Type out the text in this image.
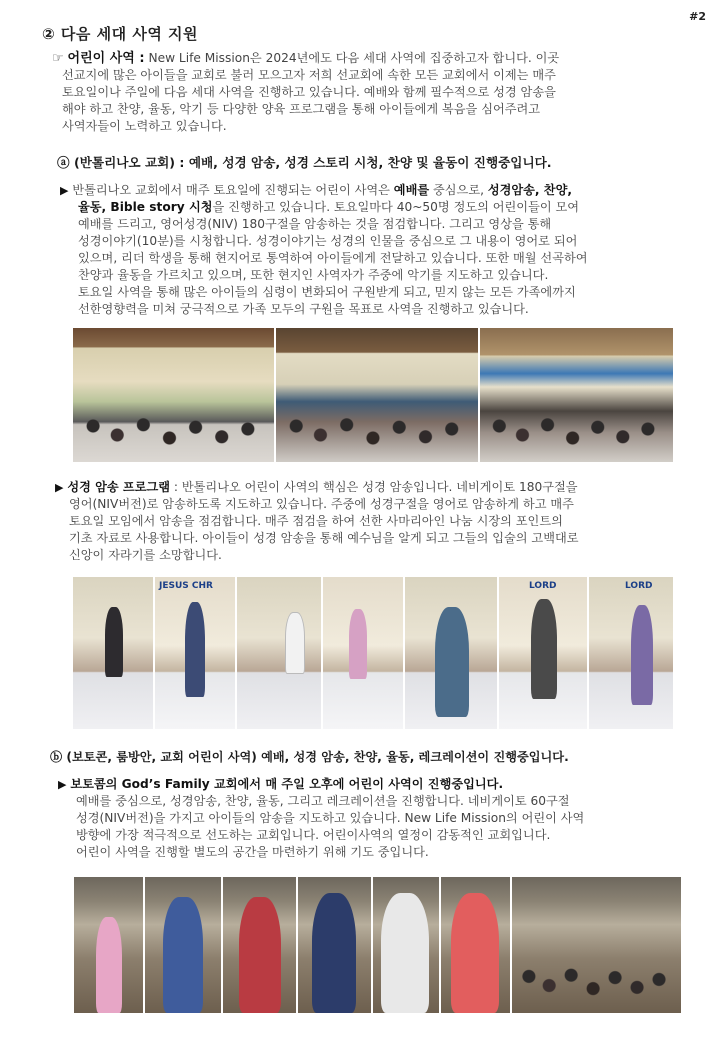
#2
② 다음 세대 사역 지원
☞ 어린이 사역 : New Life Mission은 2024년에도 다음 세대 사역에 집중하고자 합니다. 이곳
선교지에 많은 아이들을 교회로 불러 모으고자 저희 선교회에 속한 모든 교회에서 이제는 매주
토요일이나 주일에 다음 세대 사역을 진행하고 있습니다. 예배와 함께 필수적으로 성경 암송을
해야 하고 찬양, 율동, 악기 등 다양한 양육 프로그램을 통해 아이들에게 복음을 심어주려고
사역자들이 노력하고 있습니다.
ⓐ (반톨리나오 교회) : 예배, 성경 암송, 성경 스토리 시청, 찬양 및 율동이 진행중입니다.
▶ 반톨리나오 교회에서 매주 토요일에 진행되는 어린이 사역은 예배를 중심으로, 성경암송, 찬양,
율동, Bible story 시청을 진행하고 있습니다. 토요일마다 40~50명 정도의 어린이들이 모여
예배를 드리고, 영어성경(NIV) 180구절을 암송하는 것을 점검합니다. 그리고 영상을 통해
성경이야기(10분)를 시청합니다. 성경이야기는 성경의 인물을 중심으로 그 내용이 영어로 되어
있으며, 리더 학생을 통해 현지어로 통역하여 아이들에게 전달하고 있습니다. 또한 매월 선곡하여
찬양과 율동을 가르치고 있으며, 또한 현지인 사역자가 주중에 악기를 지도하고 있습니다.
토요일 사역을 통해 많은 아이들의 심령이 변화되어 구원받게 되고, 믿지 않는 모든 가족에까지
선한영향력을 미쳐 궁극적으로 가족 모두의 구원을 목표로 사역을 진행하고 있습니다.
▶ 성경 암송 프로그램 : 반톨리나오 어린이 사역의 핵심은 성경 암송입니다. 네비게이토 180구절을
영어(NIV버전)로 암송하도록 지도하고 있습니다. 주중에 성경구절을 영어로 암송하게 하고 매주
토요일 모임에서 암송을 점검합니다. 매주 점검을 하여 선한 사마리아인 나눔 시장의 포인트의
기초 자료로 사용합니다. 아이들이 성경 암송을 통해 예수님을 알게 되고 그들의 입술의 고백대로
신앙이 자라기를 소망합니다.
JESUS CHR	LORD	LORD
ⓑ (보토콘, 룸방안, 교회 어린이 사역) 예배, 성경 암송, 찬양, 율동, 레크레이션이 진행중입니다.
▶ 보토콤의 God’s Family 교회에서 매 주일 오후에 어린이 사역이 진행중입니다.
예배를 중심으로, 성경암송, 찬양, 율동, 그리고 레크레이션을 진행합니다. 네비게이토 60구절
성경(NIV버전)을 가지고 아이들의 암송을 지도하고 있습니다. New Life Mission의 어린이 사역
방향에 가장 적극적으로 선도하는 교회입니다. 어린이사역의 열정이 감동적인 교회입니다.
어린이 사역을 진행할 별도의 공간을 마련하기 위해 기도 중입니다.
